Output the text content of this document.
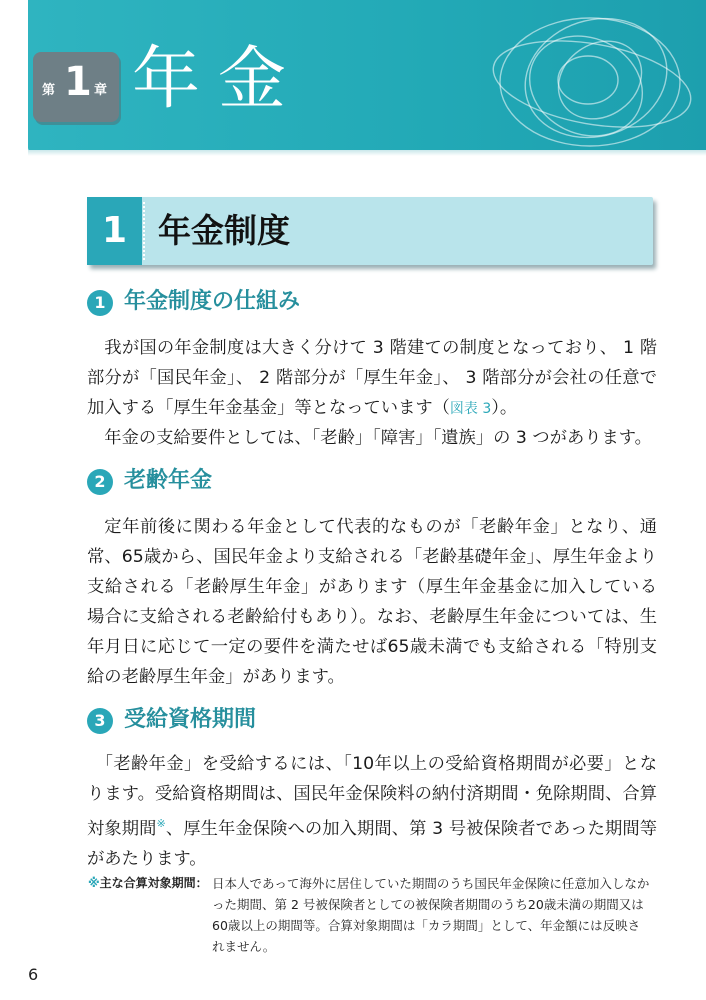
第 1 章 年金
1 年金制度
1 年金制度の仕組み

我が国の年金制度は大きく分けて 3 階建ての制度となっており、 1 階部分が「国民年金」、 2 階部分が「厚生年金」、 3 階部分が会社の任意で加入する「厚生年金基金」等となっています（図表 3）。

年金の支給要件としては、「老齢」「障害」「遺族」の 3 つがあります。

2 老齢年金

定年前後に関わる年金として代表的なものが「老齢年金」となり、通常、65歳から、国民年金より支給される「老齢基礎年金」、厚生年金より支給される「老齢厚生年金」があります（厚生年金基金に加入している場合に支給される老齢給付もあり）。なお、老齢厚生年金については、生年月日に応じて一定の要件を満たせば65歳未満でも支給される「特別支給の老齢厚生年金」があります。

3 受給資格期間

「老齢年金」を受給するには、「10年以上の受給資格期間が必要」となります。受給資格期間は、国民年金保険料の納付済期間・免除期間、合算対象期間※、厚生年金保険への加入期間、第 3 号被保険者であった期間等があたります。

※主な合算対象期間： 日本人であって海外に居住していた期間のうち国民年金保険に任意加入しなかった期間、第 2 号被保険者としての被保険者期間のうち20歳未満の期間又は60歳以上の期間等。合算対象期間は「カラ期間」として、年金額には反映されません。

6
